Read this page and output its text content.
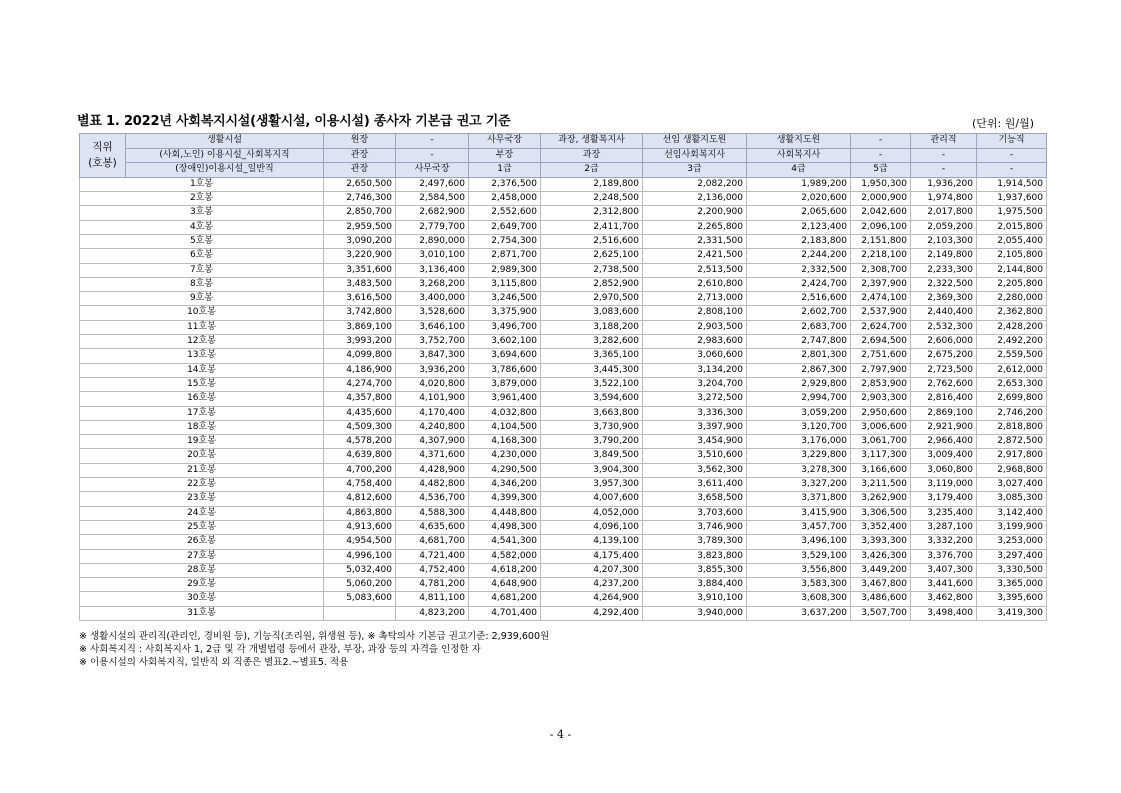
별표 1. 2022년 사회복지시설(생활시설, 이용시설) 종사자 기본급 권고 기준	(단위: 원/월)
직위
(호봉)	생활시설	원장	-	사무국장	과장, 생활복지사	선임 생활지도원	생활지도원	-	관리직	기능직
	(사회,노인) 이용시설_사회복지직	관장	-	부장	과장	선임사회복지사	사회복지사	-	-	-
	(장애인)이용시설_일반직	관장	사무국장	1급	2급	3급	4급	5급	-	-
1호봉		2,650,500	2,497,600	2,376,500	2,189,800	2,082,200	1,989,200	1,950,300	1,936,200	1,914,500
2호봉		2,746,300	2,584,500	2,458,000	2,248,500	2,136,000	2,020,600	2,000,900	1,974,800	1,937,600
3호봉		2,850,700	2,682,900	2,552,600	2,312,800	2,200,900	2,065,600	2,042,600	2,017,800	1,975,500
4호봉		2,959,500	2,779,700	2,649,700	2,411,700	2,265,800	2,123,400	2,096,100	2,059,200	2,015,800
5호봉		3,090,200	2,890,000	2,754,300	2,516,600	2,331,500	2,183,800	2,151,800	2,103,300	2,055,400
6호봉		3,220,900	3,010,100	2,871,700	2,625,100	2,421,500	2,244,200	2,218,100	2,149,800	2,105,800
7호봉		3,351,600	3,136,400	2,989,300	2,738,500	2,513,500	2,332,500	2,308,700	2,233,300	2,144,800
8호봉		3,483,500	3,268,200	3,115,800	2,852,900	2,610,800	2,424,700	2,397,900	2,322,500	2,205,800
9호봉		3,616,500	3,400,000	3,246,500	2,970,500	2,713,000	2,516,600	2,474,100	2,369,300	2,280,000
10호봉		3,742,800	3,528,600	3,375,900	3,083,600	2,808,100	2,602,700	2,537,900	2,440,400	2,362,800
11호봉		3,869,100	3,646,100	3,496,700	3,188,200	2,903,500	2,683,700	2,624,700	2,532,300	2,428,200
12호봉		3,993,200	3,752,700	3,602,100	3,282,600	2,983,600	2,747,800	2,694,500	2,606,000	2,492,200
13호봉		4,099,800	3,847,300	3,694,600	3,365,100	3,060,600	2,801,300	2,751,600	2,675,200	2,559,500
14호봉		4,186,900	3,936,200	3,786,600	3,445,300	3,134,200	2,867,300	2,797,900	2,723,500	2,612,000
15호봉		4,274,700	4,020,800	3,879,000	3,522,100	3,204,700	2,929,800	2,853,900	2,762,600	2,653,300
16호봉		4,357,800	4,101,900	3,961,400	3,594,600	3,272,500	2,994,700	2,903,300	2,816,400	2,699,800
17호봉		4,435,600	4,170,400	4,032,800	3,663,800	3,336,300	3,059,200	2,950,600	2,869,100	2,746,200
18호봉		4,509,300	4,240,800	4,104,500	3,730,900	3,397,900	3,120,700	3,006,600	2,921,900	2,818,800
19호봉		4,578,200	4,307,900	4,168,300	3,790,200	3,454,900	3,176,000	3,061,700	2,966,400	2,872,500
20호봉		4,639,800	4,371,600	4,230,000	3,849,500	3,510,600	3,229,800	3,117,300	3,009,400	2,917,800
21호봉		4,700,200	4,428,900	4,290,500	3,904,300	3,562,300	3,278,300	3,166,600	3,060,800	2,968,800
22호봉		4,758,400	4,482,800	4,346,200	3,957,300	3,611,400	3,327,200	3,211,500	3,119,000	3,027,400
23호봉		4,812,600	4,536,700	4,399,300	4,007,600	3,658,500	3,371,800	3,262,900	3,179,400	3,085,300
24호봉		4,863,800	4,588,300	4,448,800	4,052,000	3,703,600	3,415,900	3,306,500	3,235,400	3,142,400
25호봉		4,913,600	4,635,600	4,498,300	4,096,100	3,746,900	3,457,700	3,352,400	3,287,100	3,199,900
26호봉		4,954,500	4,681,700	4,541,300	4,139,100	3,789,300	3,496,100	3,393,300	3,332,200	3,253,000
27호봉		4,996,100	4,721,400	4,582,000	4,175,400	3,823,800	3,529,100	3,426,300	3,376,700	3,297,400
28호봉		5,032,400	4,752,400	4,618,200	4,207,300	3,855,300	3,556,800	3,449,200	3,407,300	3,330,500
29호봉		5,060,200	4,781,200	4,648,900	4,237,200	3,884,400	3,583,300	3,467,800	3,441,600	3,365,000
30호봉		5,083,600	4,811,100	4,681,200	4,264,900	3,910,100	3,608,300	3,486,600	3,462,800	3,395,600
31호봉			4,823,200	4,701,400	4,292,400	3,940,000	3,637,200	3,507,700	3,498,400	3,419,300
※ 생활시설의 관리직(관리인, 경비원 등), 기능직(조리원, 위생원 등), ※ 촉탁의사 기본급 권고기준: 2,939,600원
※ 사회복지직 : 사회복지사 1, 2급 및 각 개별법령 등에서 관장, 부장, 과장 등의 자격을 인정한 자
※ 이용시설의 사회복지직, 일반직 외 직종은 별표2.~별표5. 적용
- 4 -
